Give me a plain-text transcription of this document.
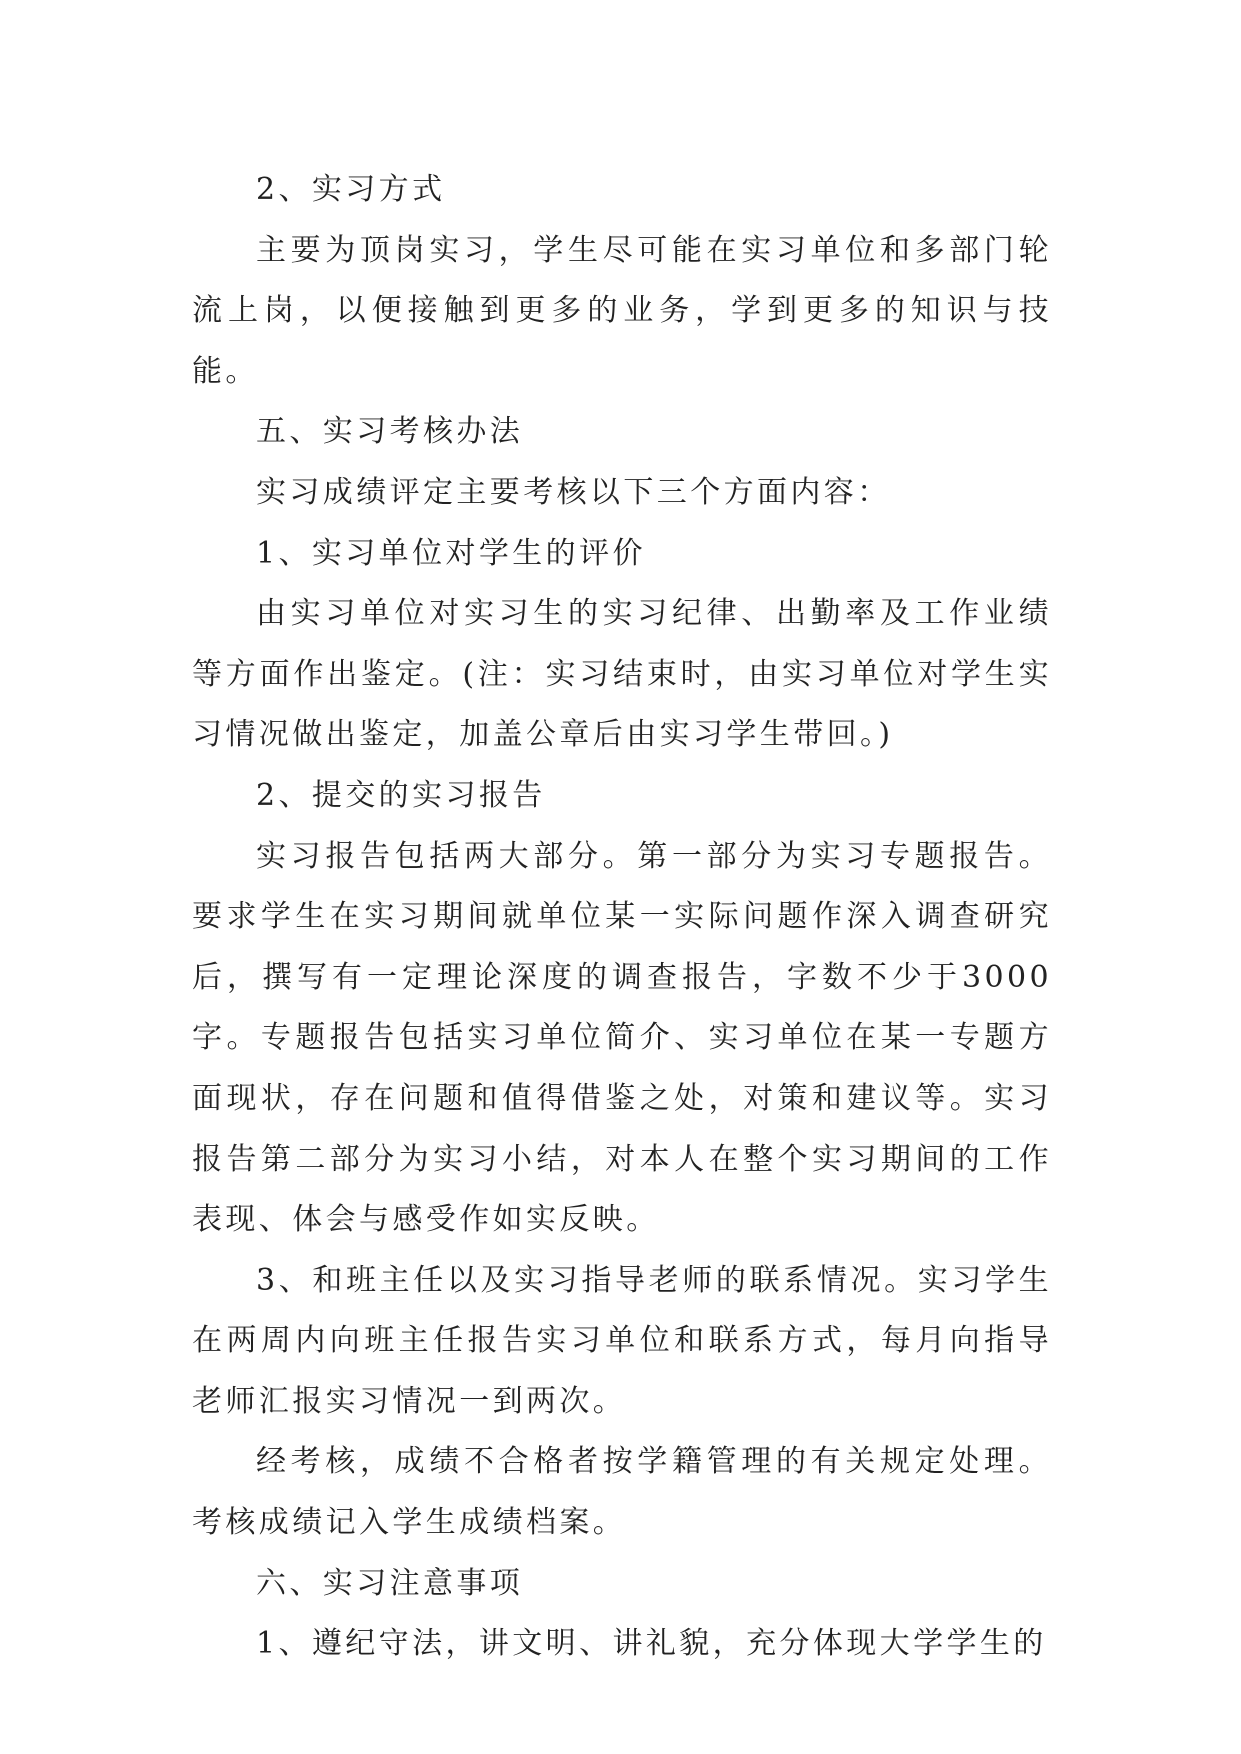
2、实习方式

主要为顶岗实习，学生尽可能在实习单位和多部门轮流上岗，以便接触到更多的业务，学到更多的知识与技能。

五、实习考核办法

实习成绩评定主要考核以下三个方面内容：

1、实习单位对学生的评价

由实习单位对实习生的实习纪律、出勤率及工作业绩等方面作出鉴定。(注：实习结束时，由实习单位对学生实习情况做出鉴定，加盖公章后由实习学生带回。)

2、提交的实习报告

实习报告包括两大部分。第一部分为实习专题报告。要求学生在实习期间就单位某一实际问题作深入调查研究后，撰写有一定理论深度的调查报告，字数不少于3000字。专题报告包括实习单位简介、实习单位在某一专题方面现状，存在问题和值得借鉴之处，对策和建议等。实习报告第二部分为实习小结，对本人在整个实习期间的工作表现、体会与感受作如实反映。

3、和班主任以及实习指导老师的联系情况。实习学生在两周内向班主任报告实习单位和联系方式，每月向指导老师汇报实习情况一到两次。

经考核，成绩不合格者按学籍管理的有关规定处理。考核成绩记入学生成绩档案。

六、实习注意事项

1、遵纪守法，讲文明、讲礼貌，充分体现大学学生的
